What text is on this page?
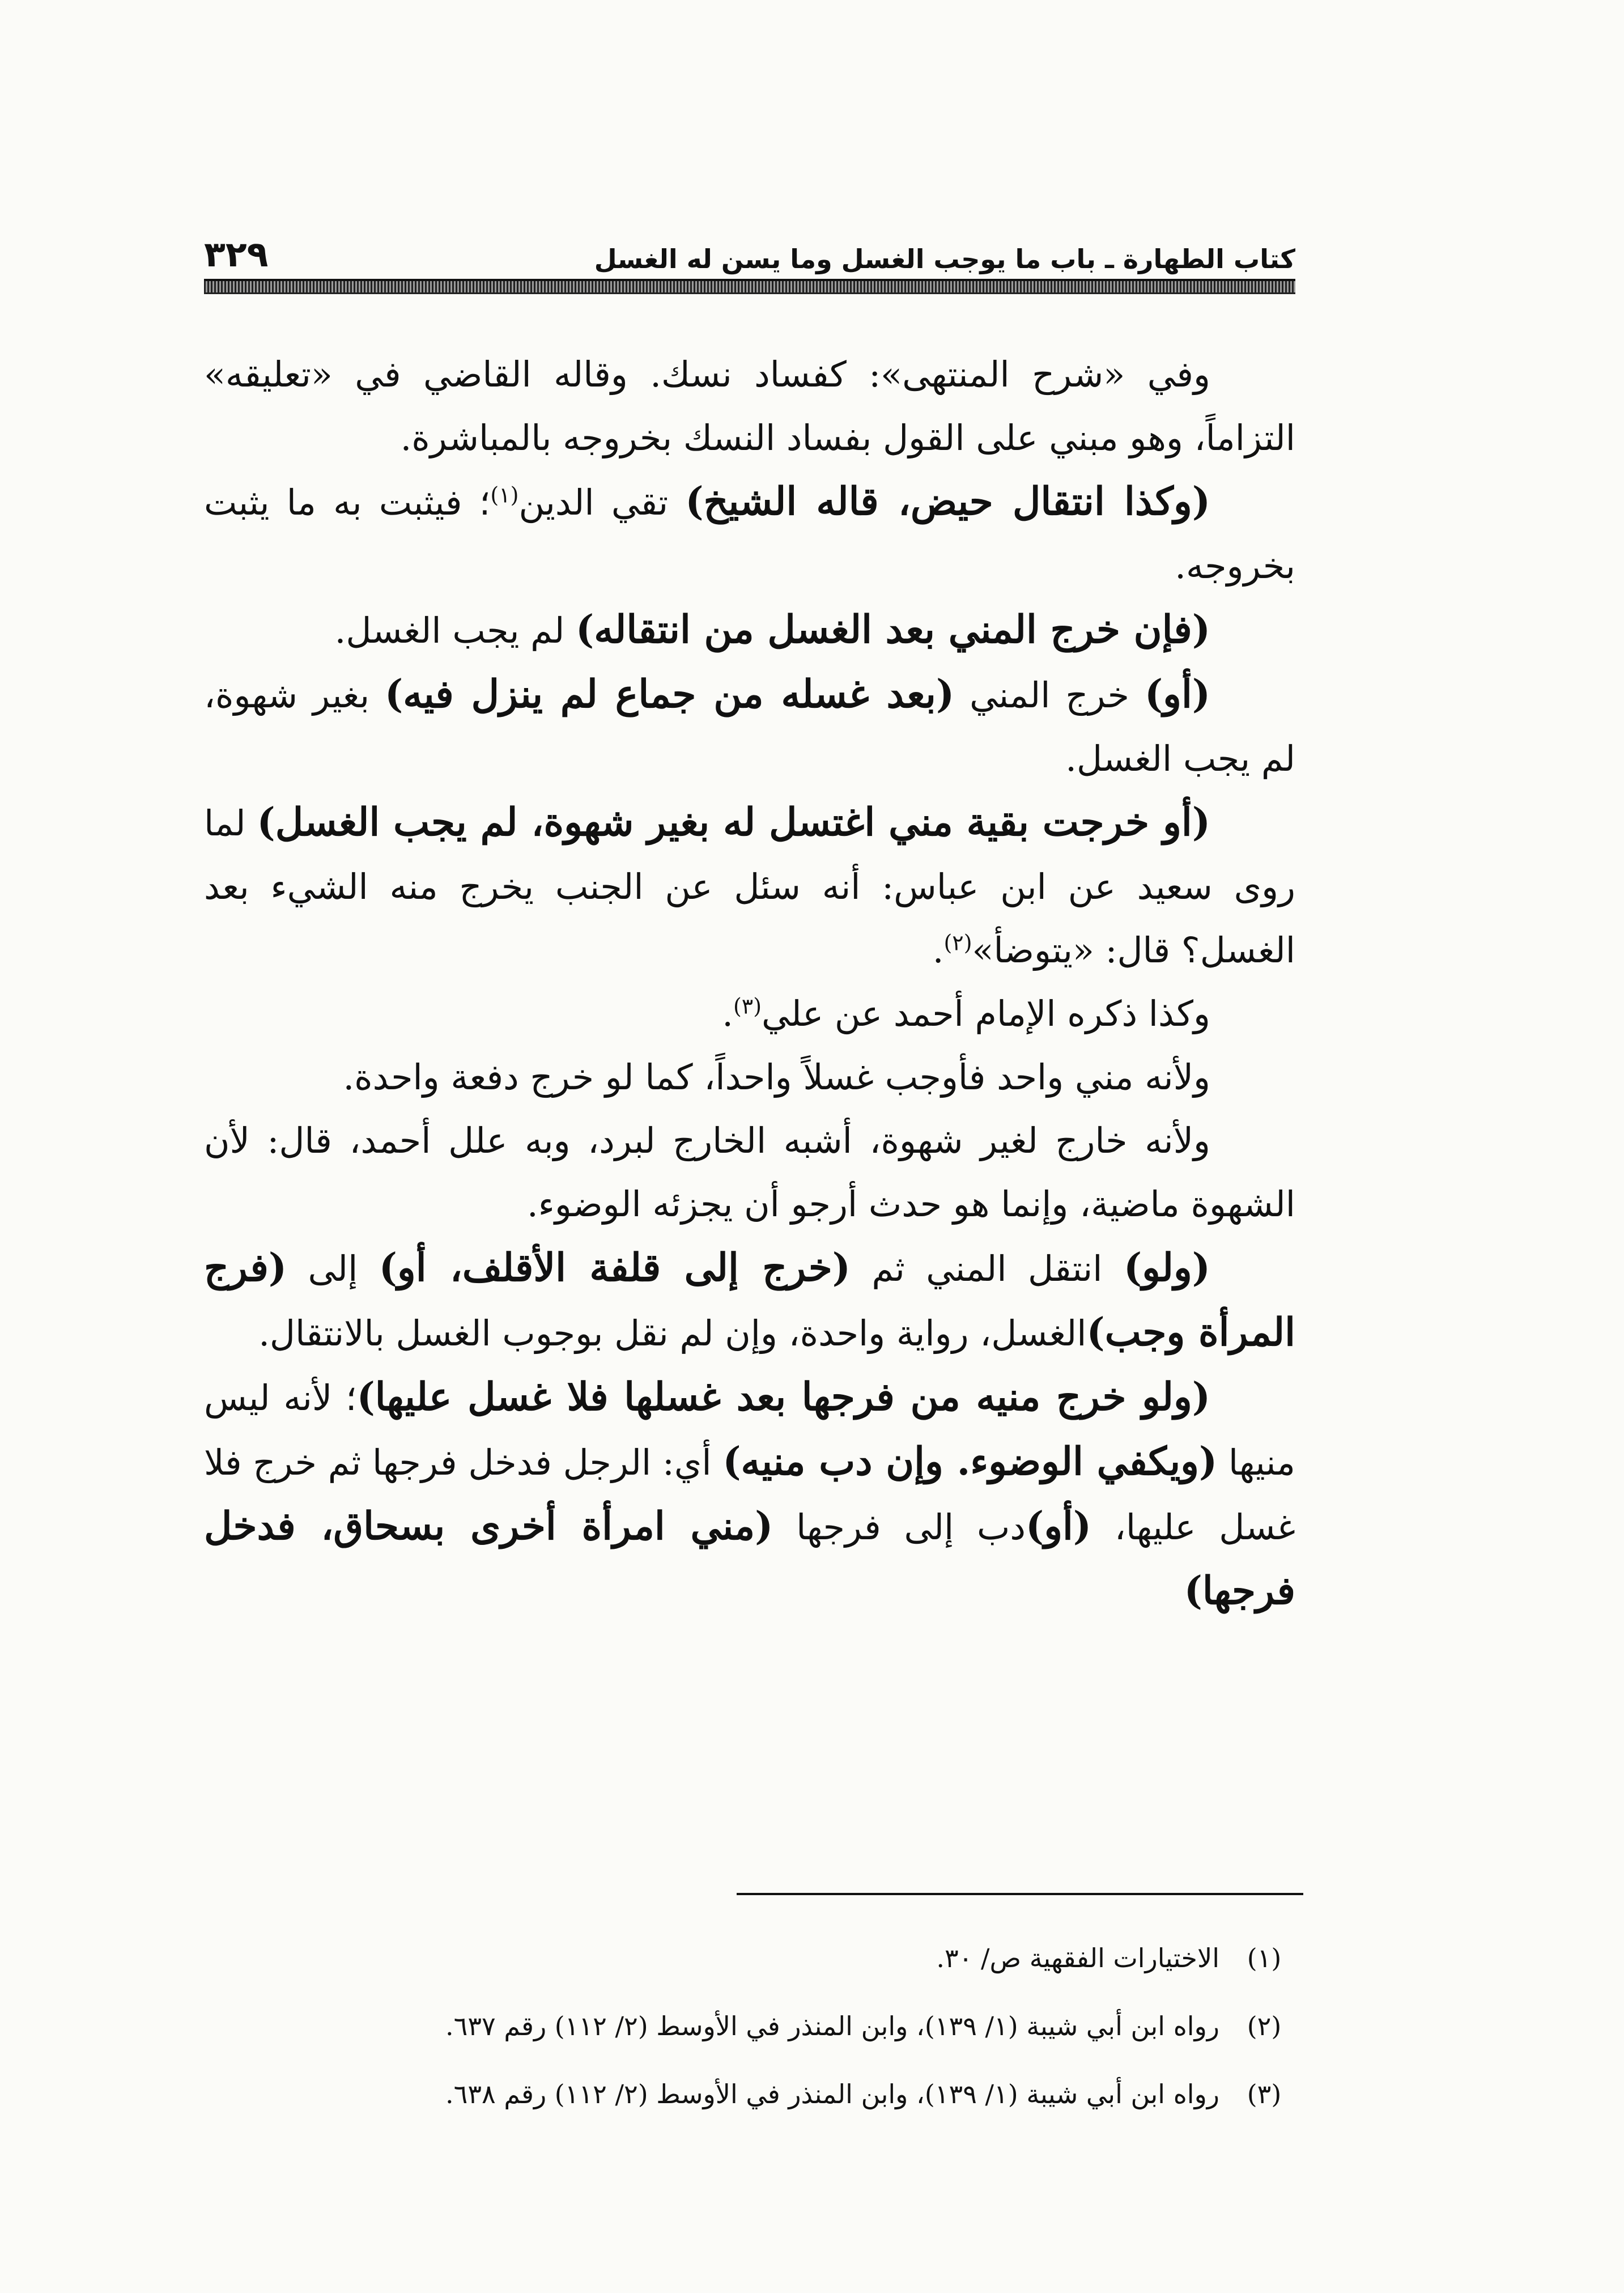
٣٢٩	كتاب الطهارة ـ باب ما يوجب الغسل وما يسن له الغسل

وفي «شرح المنتهى»: كفساد نسك. وقاله القاضي في «تعليقه» التزاماً، وهو مبني على القول بفساد النسك بخروجه بالمباشرة.

(وكذا انتقال حيض، قاله الشيخ) تقي الدين$^{(١)}$؛ فيثبت به ما يثبت بخروجه.

(فإن خرج المني بعد الغسل من انتقاله) لم يجب الغسل.

(أو) خرج المني (بعد غسله من جماع لم ينزل فيه) بغير شهوة، لم يجب الغسل.

(أو خرجت بقية مني اغتسل له بغير شهوة، لم يجب الغسل) لما روى سعيد عن ابن عباس: أنه سئل عن الجنب يخرج منه الشيء بعد الغسل؟ قال: «يتوضأ»$^{(٢)}$.

وكذا ذكره الإمام أحمد عن علي$^{(٣)}$.

ولأنه مني واحد فأوجب غسلاً واحداً، كما لو خرج دفعة واحدة.

ولأنه خارج لغير شهوة، أشبه الخارج لبرد، وبه علل أحمد، قال: لأن الشهوة ماضية، وإنما هو حدث أرجو أن يجزئه الوضوء.

(ولو) انتقل المني ثم (خرج إلى قلفة الأقلف، أو) إلى (فرج المرأة وجب)الغسل، رواية واحدة، وإن لم نقل بوجوب الغسل بالانتقال.

(ولو خرج منيه من فرجها بعد غسلها فلا غسل عليها)؛ لأنه ليس منيها (ويكفي الوضوء. وإن دب منيه) أي: الرجل فدخل فرجها ثم خرج فلا غسل عليها، (أو)دب إلى فرجها (مني امرأة أخرى بسحاق، فدخل فرجها)

(١)
الاختيارات الفقهية ص/ ٣٠.
(٢)
رواه ابن أبي شيبة (١/ ١٣٩)، وابن المنذر في الأوسط (٢/ ١١٢) رقم ٦٣٧.
(٣)
رواه ابن أبي شيبة (١/ ١٣٩)، وابن المنذر في الأوسط (٢/ ١١٢) رقم ٦٣٨.
